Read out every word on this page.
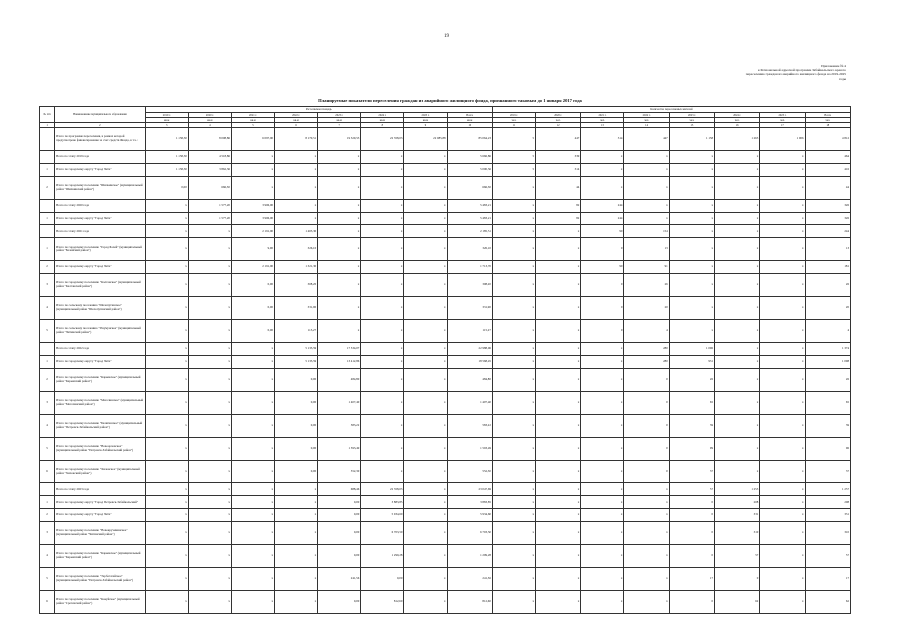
19
Приложение № 4
к Региональной адресной программе Забайкальского края по
переселению граждан из аварийного жилищного фонда на 2019-2025
годы
Планируемые показатели переселения граждан из аварийного жилищного фонда, признанного таковым до 1 января 2017 года
№ п/п	Наименование муниципального образования	Расселяемая площадь								Количество переселяемых жителей							
		2019 г.	2020 г.	2021 г.	2022 г.	2023 г.	2024 г.	2025 г.	Всего	2019 г.	2020 г.	2021 г.	2022 г.	2023 г.	2024 г.	2025 г.	Всего
		кв.м	кв.м	кв.м	кв.м	кв.м	кв.м	кв.м	кв.м	чел.	чел.	чел.	чел.	чел.	чел.	чел.	чел.
1	2	3	4	5	6	7	8	9	10	11	12	13	14	15	16	17	18
	Итого по программе переселения, в рамках которой предусмотрено финансирование за счет средств Фонда, в т.ч.:	1 158,30	8 008,86	6 097,90	8 170,51	19 329,53	22 358,03	22 085,88	85 064,23	5	447	314	447	1 158	1 263	1 006	4 812
	Всего по этапу 2019 года	1 158,30	4 518,86	x	x	x	x	x	5 666,86	5	339	x	x	x	x	x	464
1	Итого по городскому округу "Город Чита"	1 158,30	3 862,36	x	x	x	x	x	5 000,56	5	314	x	x	x	x	x	416
2	Итого по городскому поселению "Шилкинское" (муниципальный район "Шилкинский район")	0,00	666,30	x	x	x	x	x	666,30	x	44	x	x	x	x	x	44
	Всего по этапу 2020 года	x	1 577,20	3 906,00	x	x	x	x	5 483,21	x	82	244	x	x	x	x	326
1	Итого по городскому округу "Город Чита"	x	1 577,20	3 906,00	x	x	x	x	5 483,21	x	82	244	x	x	x	x	326
	Всего по этапу 2021 года	x	x	2 191,90	1 403,30	x	x	x	2 185,51	x	x	90	154	x	x	x	244
1	Итого по городскому поселению "Город Балей" (муниципальный район "Балейский район")	x	x	9,90	326,10	x	x	x	326,10	x	x	0	13	x	x	x	13
2	Итого по городскому округу "Город Чита"	x	x	2 191,90	1 321,30	x	x	x	1 713,70	x	x	90	91	x	x	x	181
3	Итого по городскому поселению "Калганское" (муниципальный район "Калганский район")	x	x	0,00	308,20	x	x	x	308,20	x	x	0	26	x	x	x	26
4	Итого по сельскому поселению "Шелопугинское" (муниципальный район "Шелопугинский район")	x	x	0,00	331,90	x	x	x	331,90	x	x	0	20	x	x	x	20
5	Итого по сельскому поселению "Ушумунское" (муниципальный район "Читинский район")	x	x	0,00	115,27	x	x	x	115,27	x	x	0	4	x	x	x	4
	Всего по этапу 2022 года	x	x	x	5 133,59	17 534,07	x	x	22 988,06	x	x	x	280	1 096	x	x	1 374
1	Итого по городскому округу "Город Чита"	x	x	x	5 133,59	13 412,86	x	x	18 568,45	x	x	x	280	931	x	x	1 098
2	Итого по городскому поселению "Карымское" (муниципальный район "Карымский район")	x	x	x	0,00	484,80	x	x	484,80	x	x	x	0	26	x	x	26
3	Итого по городскому поселению "Могочинское" (муниципальный район "Могочинский район")	x	x	x	0,00	1 407,40	x	x	1 407,40	x	x	x	0	65	x	x	65
4	Итого по городскому поселению "Балягинское" (муниципальный район "Петровск-Забайкальский район")	x	x	x	0,00	583,22	x	x	583,22	x	x	x	0	39	x	x	39
5	Итого по городскому поселению "Новоорловское" (муниципальный район "Петровск-Забайкальский район")	x	x	x	0,00	1 593,49	x	x	1 593,49	x	x	x	0	99	x	x	96
6	Итого по городскому поселению "Хилокское" (муниципальный район "Хилокский район")	x	x	x	0,00	552,30	x	x	552,30	x	x	x	0	37	x	x	37
	Всего по этапу 2023 года	x	x	x	x	688,46	22 358,03	x	23 047,69	x	x	x	x	57	1 253	x	1 257
1	Итого по городскому округу "Город Петровск-Забайкальский"	x	x	x	x	0,00	3 883,85	x	3 883,85	x	x	x	x	0	208	x	208
2	Итого по городскому округу "Город Чита"	x	x	x	x	0,00	5 934,60	x	5 934,60	x	x	x	x	0	331	x	331
3	Итого по городскому поселению "Новокручининское" (муниципальный район "Читинский район")	x	x	x	x	0,00	6 703,50	x	6 703,50	x	x	x	x	0	310	x	310
4	Итого по городскому поселению "Карымское" (муниципальный район "Карымский район")	x	x	x	x	0,00	1 299,28	x	1 299,28	x	x	x	x	0	57	x	57
5	Итого по городскому поселению "Тарбагатайское" (муниципальный район "Петровск-Забайкальский район")	x	x	x	x	241,56	0,00	x	241,56	x	x	x	x	17	0	x	17
6	Итого по городскому поселению "Кокуйское" (муниципальный район "Сретенский район")	x	x	x	x	0,00	812,60	x	812,60	x	x	x	x	0	62	x	62
